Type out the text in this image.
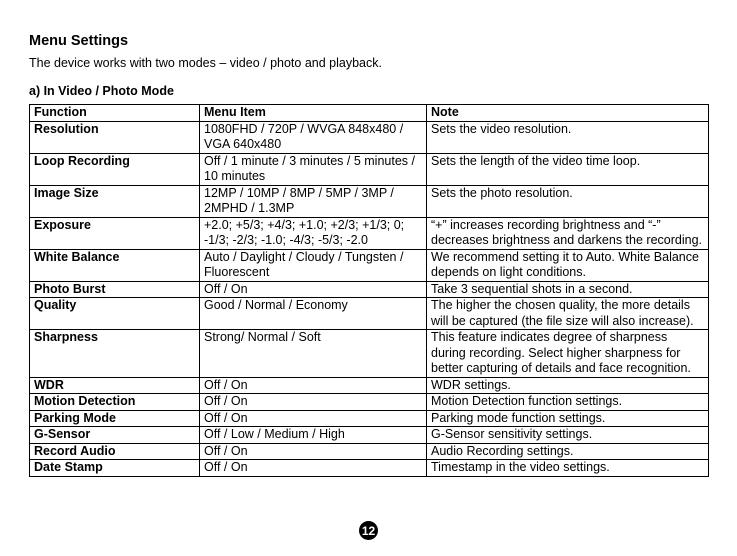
Menu Settings
The device works with two modes – video / photo and playback.
a) In Video / Photo Mode
Function	Menu Item	Note
Resolution	1080FHD / 720P / WVGA 848x480 / VGA 640x480	Sets the video resolution.
Loop Recording	Off / 1 minute / 3 minutes / 5 minutes / 10 minutes	Sets the length of the video time loop.
Image Size	12MP / 10MP / 8MP / 5MP / 3MP / 2MPHD / 1.3MP	Sets the photo resolution.
Exposure	+2.0; +5/3; +4/3; +1.0; +2/3; +1/3; 0; -1/3; -2/3; -1.0; -4/3; -5/3; -2.0	“+” increases recording brightness and “-” decreases brightness and darkens the recording.
White Balance	Auto / Daylight / Cloudy / Tungsten / Fluorescent	We recommend setting it to Auto. White Balance depends on light conditions.
Photo Burst	Off / On	Take 3 sequential shots in a second.
Quality	Good / Normal / Economy	The higher the chosen quality, the more details will be captured (the file size will also increase).
Sharpness	Strong/ Normal / Soft	This feature indicates degree of sharpness during recording. Select higher sharpness for better capturing of details and face recognition.
WDR	Off / On	WDR settings.
Motion Detection	Off / On	Motion Detection function settings.
Parking Mode	Off / On	Parking mode function settings.
G-Sensor	Off / Low / Medium / High	G-Sensor sensitivity settings.
Record Audio	Off / On	Audio Recording settings.
Date Stamp	Off / On	Timestamp in the video settings.
12
